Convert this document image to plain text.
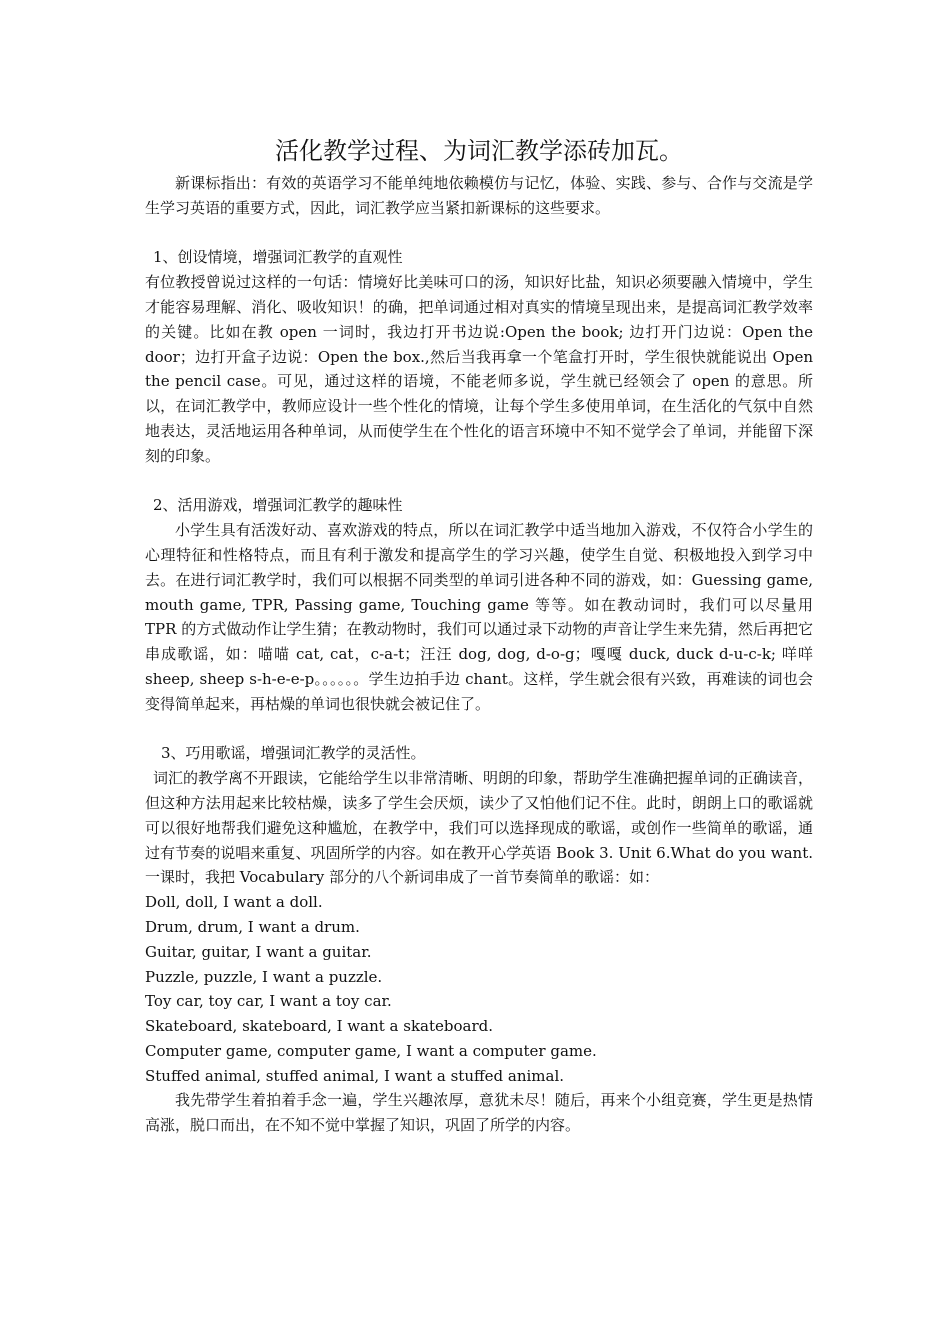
活化教学过程、为词汇教学添砖加瓦。

新课标指出：有效的英语学习不能单纯地依赖模仿与记忆，体验、实践、参与、合作与交流是学生学习英语的重要方式，因此，词汇教学应当紧扣新课标的这些要求。

1、创设情境，增强词汇教学的直观性

有位教授曾说过这样的一句话：情境好比美味可口的汤，知识好比盐，知识必须要融入情境中，学生才能容易理解、消化、吸收知识！的确，把单词通过相对真实的情境呈现出来，是提高词汇教学效率的关键。比如在教 open 一词时，我边打开书边说:Open the book; 边打开门边说：Open the door；边打开盒子边说：Open the box.,然后当我再拿一个笔盒打开时，学生很快就能说出 Open the pencil case。可见，通过这样的语境，不能老师多说，学生就已经领会了 open 的意思。所以，在词汇教学中，教师应设计一些个性化的情境，让每个学生多使用单词，在生活化的气氛中自然地表达，灵活地运用各种单词，从而使学生在个性化的语言环境中不知不觉学会了单词，并能留下深刻的印象。

2、活用游戏，增强词汇教学的趣味性

小学生具有活泼好动、喜欢游戏的特点，所以在词汇教学中适当地加入游戏，不仅符合小学生的心理特征和性格特点，而且有利于激发和提高学生的学习兴趣，使学生自觉、积极地投入到学习中去。在进行词汇教学时，我们可以根据不同类型的单词引进各种不同的游戏，如：Guessing game, mouth game, TPR, Passing game, Touching game 等等。如在教动词时，我们可以尽量用 TPR 的方式做动作让学生猜；在教动物时，我们可以通过录下动物的声音让学生来先猜，然后再把它串成歌谣，如：喵喵 cat, cat，c-a-t；汪汪 dog, dog, d-o-g；嘎嘎 duck, duck d-u-c-k; 咩咩 sheep, sheep s-h-e-e-p。。。。。。学生边拍手边 chant。这样，学生就会很有兴致，再难读的词也会变得简单起来，再枯燥的单词也很快就会被记住了。

3、巧用歌谣，增强词汇教学的灵活性。

词汇的教学离不开跟读，它能给学生以非常清晰、明朗的印象，帮助学生准确把握单词的正确读音，但这种方法用起来比较枯燥，读多了学生会厌烦，读少了又怕他们记不住。此时，朗朗上口的歌谣就可以很好地帮我们避免这种尴尬，在教学中，我们可以选择现成的歌谣，或创作一些简单的歌谣，通过有节奏的说唱来重复、巩固所学的内容。如在教开心学英语 Book 3. Unit 6.What do you want.一课时，我把 Vocabulary 部分的八个新词串成了一首节奏简单的歌谣：如：

Doll, doll, I want a doll.

Drum, drum, I want a drum.

Guitar, guitar, I want a guitar.

Puzzle, puzzle, I want a puzzle.

Toy car, toy car, I want a toy car.

Skateboard, skateboard, I want a skateboard.

Computer game, computer game, I want a computer game.

Stuffed animal, stuffed animal, I want a stuffed animal.

我先带学生着拍着手念一遍，学生兴趣浓厚，意犹未尽！随后，再来个小组竞赛，学生更是热情高涨，脱口而出，在不知不觉中掌握了知识，巩固了所学的内容。
